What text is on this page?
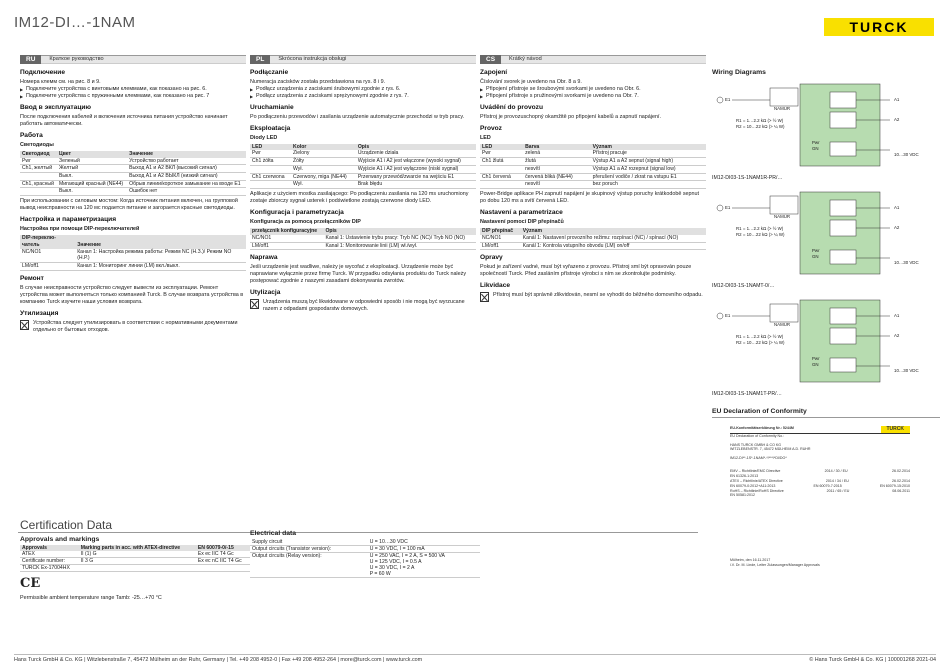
IM12-DI…-1NAM	TURCK
RU	Краткое руководство
Подключение
Номера клемм см. на рис. 8 и 9.
▶ Подключите устройства с винтовыми клеммами, как показано на рис. 6.
▶ Подключите устройства с пружинными клеммами, как показано на рис. 7
Ввод в эксплуатацию
После подключения кабелей и включения источника питания устройство начинает работать автоматически.
Работа
Светодиоды
Светодиод	Цвет	Значение
Pwr	Зеленый	Устройство работает
Ch1, желтый	Желтый	Выход A1 и A2 ВКЛ (высокий сигнал)
	Выкл.	Выход A1 и A2 ВЫКЛ (низкий сигнал)
Ch1, красный	Мигающий красный (NE44)	Обрыв линии/короткое замыкание на входе E1
	Выкл.	Ошибок нет
При использовании с силовым мостом: Когда источник питания включен, на групповой вывод неисправности на 120 мс подается питание и загорается красные светодиоды.
Настройка и параметризация
Настройка при помощи DIP-переключателей
DIP-переклю-чатель	Значение
NC/NO1	Канал 1: Настройка режима работы: Режим NC (Н.З.)/ Режим NO (Н.Р.)
LM/off1	Канал 1: Мониторинг линии (LM) вкл./выкл.
Ремонт
В случае неисправности устройство следует вывести из эксплуатации. Ремонт устройства может выполняться только компанией Turck. В случае возврата устройства в компанию Turck изучите наши условия возврата.
Утилизация
Устройства следует утилизировать в соответствии с нормативными документами отдельно от бытовых отходов.
PL	Skrócona instrukcja obsługi
Podłączanie
Numeracja zacisków została przedstawiona na rys. 8 i 9.
▶ Podłącz urządzenia z zaciskami śrubowymi zgodnie z rys. 6.
▶ Podłącz urządzenia z zaciskami sprężynowymi zgodnie z rys. 7.
Uruchamianie
Po podłączeniu przewodów i zasilania urządzenie automatycznie przechodzi w tryb pracy.
Eksploatacja
Diody LED
LED	Kolor	Opis
Pwr	Zielony	Urządzenie działa
Ch1 żółta	Żółty	Wyjście A1 i A2 jest włączone (wysoki sygnał)
	Wył.	Wyjście A1 i A2 jest wyłączone (niski sygnał)
Ch1 czerwona	Czerwony, miga (NE44)	Przerwany przewód/zwarcie na wejściu E1
	Wył.	Brak błędu
Aplikacje z użyciem mostka zasilającego: Po podłączeniu zasilania na 120 ms uruchomiony zostaje zbiorczy sygnał usterek i podświetlone zostają czerwone diody LED.
Konfiguracja i parametryzacja
Konfiguracja za pomocą przełączników DIP
przełącznik konfiguracyjne	Opis
NC/NO1	Kanał 1: Ustawienie trybu pracy: Tryb NC (NC)/ Tryb NO (NO)
LM/off1	Kanał 1: Monitorowanie linii (LM) wł./wył.
Naprawa
Jeśli urządzenie jest wadliwe, należy je wycofać z eksploatacji. Urządzenie może być naprawiane wyłącznie przez firmę Turck. W przypadku odsyłania produktu do Turck należy postępować zgodnie z naszymi zasadami dokonywania zwrotów.
Utylizacja
Urządzenia muszą być likwidowane w odpowiedni sposób i nie mogą być wyrzucane razem z odpadami gospodarstw domowych.
CS	Krátký návod
Zapojení
Číslování svorek je uvedeno na Obr. 8 a 9.
▶ Připojení přístroje se šroubovými svorkami je uvedeno na Obr. 6.
▶ Připojení přístroje s pružinovými svorkami je uvedeno na Obr. 7.
Uvádění do provozu
Přístroj je provozuschopný okamžitě po připojení kabelů a zapnutí napájení.
Provoz
LED
LED	Barva	Význam
Pwr	zelená	Přístroj pracuje
Ch1 žlutá	žlutá	Výstup A1 a A2 sepnut (signal high)
	nesvítí	Výstup A1 a A2 rozepnut (signal low)
Ch1 červená	červená bliká (NE44)	přerušení vodiče / zkrat na vstupu E1
	nesvítí	bez poruch
Power-Bridge aplikace PH zapnutí napájení je skupinový výstup poruchy krátkodobě sepnut po dobu 120 ms a svítí červená LED.
Nastavení a parametrizace
Nastavení pomocí DIP přepínačů
DIP přepínač	Význam
NC/NO1	Kanál 1: Nastavení provozního režimu: rozpínací (NC) / spínací (NO)
LM/off1	Kanál 1: Kontrola vstupního obvodu (LM) on/off
Opravy
Pokud je zařízení vadné, musí být vyřazeno z provozu. Přístroj smí být opravován pouze společností Turck. Před zasláním přístroje výrobci s ním se zkontrolujte podmínky.
Likvidace
Přístroj musí být správně zlikvidován, nesmí se vyhodit do běžného domovního odpadu.
Wiring Diagrams
E1
NAMUR
A1
A2
Pwr
GN
10…30 VDC
R1 = 1…2.2 kΩ (> ½ W)
R2 = 10…22 kΩ (> ¼ W)
IM12-DI03-1S-1NAM1R-PR/…
E1
NAMUR
A1
A2
Pwr
GN
10…30 VDC
R1 = 1…2.2 kΩ (> ½ W)
R2 = 10…22 kΩ (> ¼ W)
IM12-DI03-1S-1NAMT-0/…
E1
NAMUR
A1
A2
Pwr
GN
10…30 VDC
R1 = 1…2.2 kΩ (> ½ W)
R2 = 10…22 kΩ (> ¼ W)
IM12-DI03-1S-1NAM1T-PR/…
EU Declaration of Conformity
EU-Konformitätserklärung Nr.: 5244M	TURCK
EU Declaration of Conformity No.:
HANS TURCK GMBH & CO KG
WITZLEBENSTR. 7, 45472 MÜLHEIM A.D. RUHR
IM12-DI**-1S*-1NAM*-*/***/*DI/DO*
EMV – Richtlinie/EMC Directive	2014 / 30 / EU	26.02.2014
EN 61326-1:2013
ATEX – Richtlinie/ATEX Directive	2014 / 34 / EU	26.02.2014
EN 60079-0:2012+A11:2013	EN 60079-7:2015	EN 60079-15:2010
RoHS – Richtlinie/RoHS Directive	2011 / 65 / EU	08.06.2011
EN 50581:2012
Mülheim, den 16.11.2017
i.V. Dr. M. Linde, Leiter Zulassungen/Manager Approvals
Certification Data
Approvals and markings
Approvals	Marking parts in acc. with ATEX-directive	EN 60079-0/-15
ATEX	II (1) G	Ex ec IIC T4 Gc
Certificate number:	II 3 G	Ex ec nC IIC T4 Gc
TURCK Ex-17004HX		
CE
Permissible ambient temperature range Tamb: -25…+70 °C
Electrical data
Supply circuit	U = 10…30 VDC
Output circuits (Transistor version):	U = 30 VDC, I = 100 mA
Output circuits (Relay version):	U = 250 VAC, I = 2 A, S = 500 VA
U = 125 VDC, I = 0.5 A
U = 30 VDC, I = 2 A
P = 60 W
Hans Turck GmbH & Co. KG | Witzlebenstraße 7, 45472 Mülheim an der Ruhr, Germany | Tel. +49 208 4952-0 | Fax +49 208 4952-264 | more@turck.com | www.turck.com	© Hans Turck GmbH & Co. KG | 100001268 2021-04
